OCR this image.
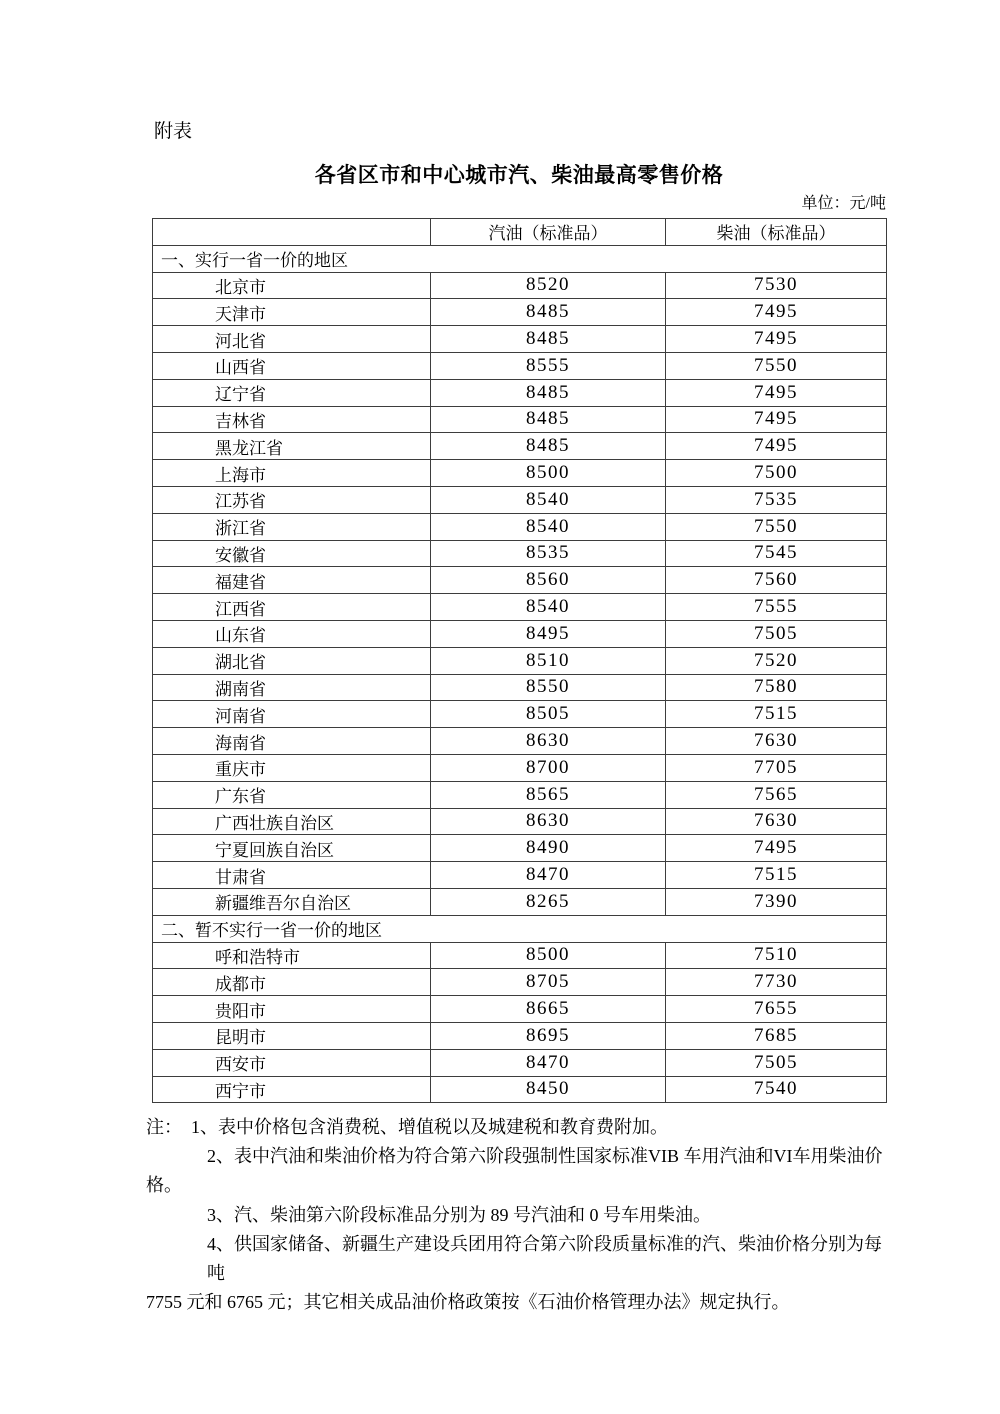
附表
各省区市和中心城市汽、柴油最高零售价格
单位：元/吨
	汽油（标准品）	柴油（标准品）
一、实行一省一价的地区		
北京市	8520	7530
天津市	8485	7495
河北省	8485	7495
山西省	8555	7550
辽宁省	8485	7495
吉林省	8485	7495
黑龙江省	8485	7495
上海市	8500	7500
江苏省	8540	7535
浙江省	8540	7550
安徽省	8535	7545
福建省	8560	7560
江西省	8540	7555
山东省	8495	7505
湖北省	8510	7520
湖南省	8550	7580
河南省	8505	7515
海南省	8630	7630
重庆市	8700	7705
广东省	8565	7565
广西壮族自治区	8630	7630
宁夏回族自治区	8490	7495
甘肃省	8470	7515
新疆维吾尔自治区	8265	7390
二、暂不实行一省一价的地区		
呼和浩特市	8500	7510
成都市	8705	7730
贵阳市	8665	7655
昆明市	8695	7685
西安市	8470	7505
西宁市	8450	7540
注：  1、表中价格包含消费税、增值税以及城建税和教育费附加。
2、表中汽油和柴油价格为符合第六阶段强制性国家标准VIB 车用汽油和VI车用柴油价
格。
3、汽、柴油第六阶段标准品分别为 89 号汽油和 0 号车用柴油。
4、供国家储备、新疆生产建设兵团用符合第六阶段质量标准的汽、柴油价格分别为每吨
7755 元和 6765 元；其它相关成品油价格政策按《石油价格管理办法》规定执行。
